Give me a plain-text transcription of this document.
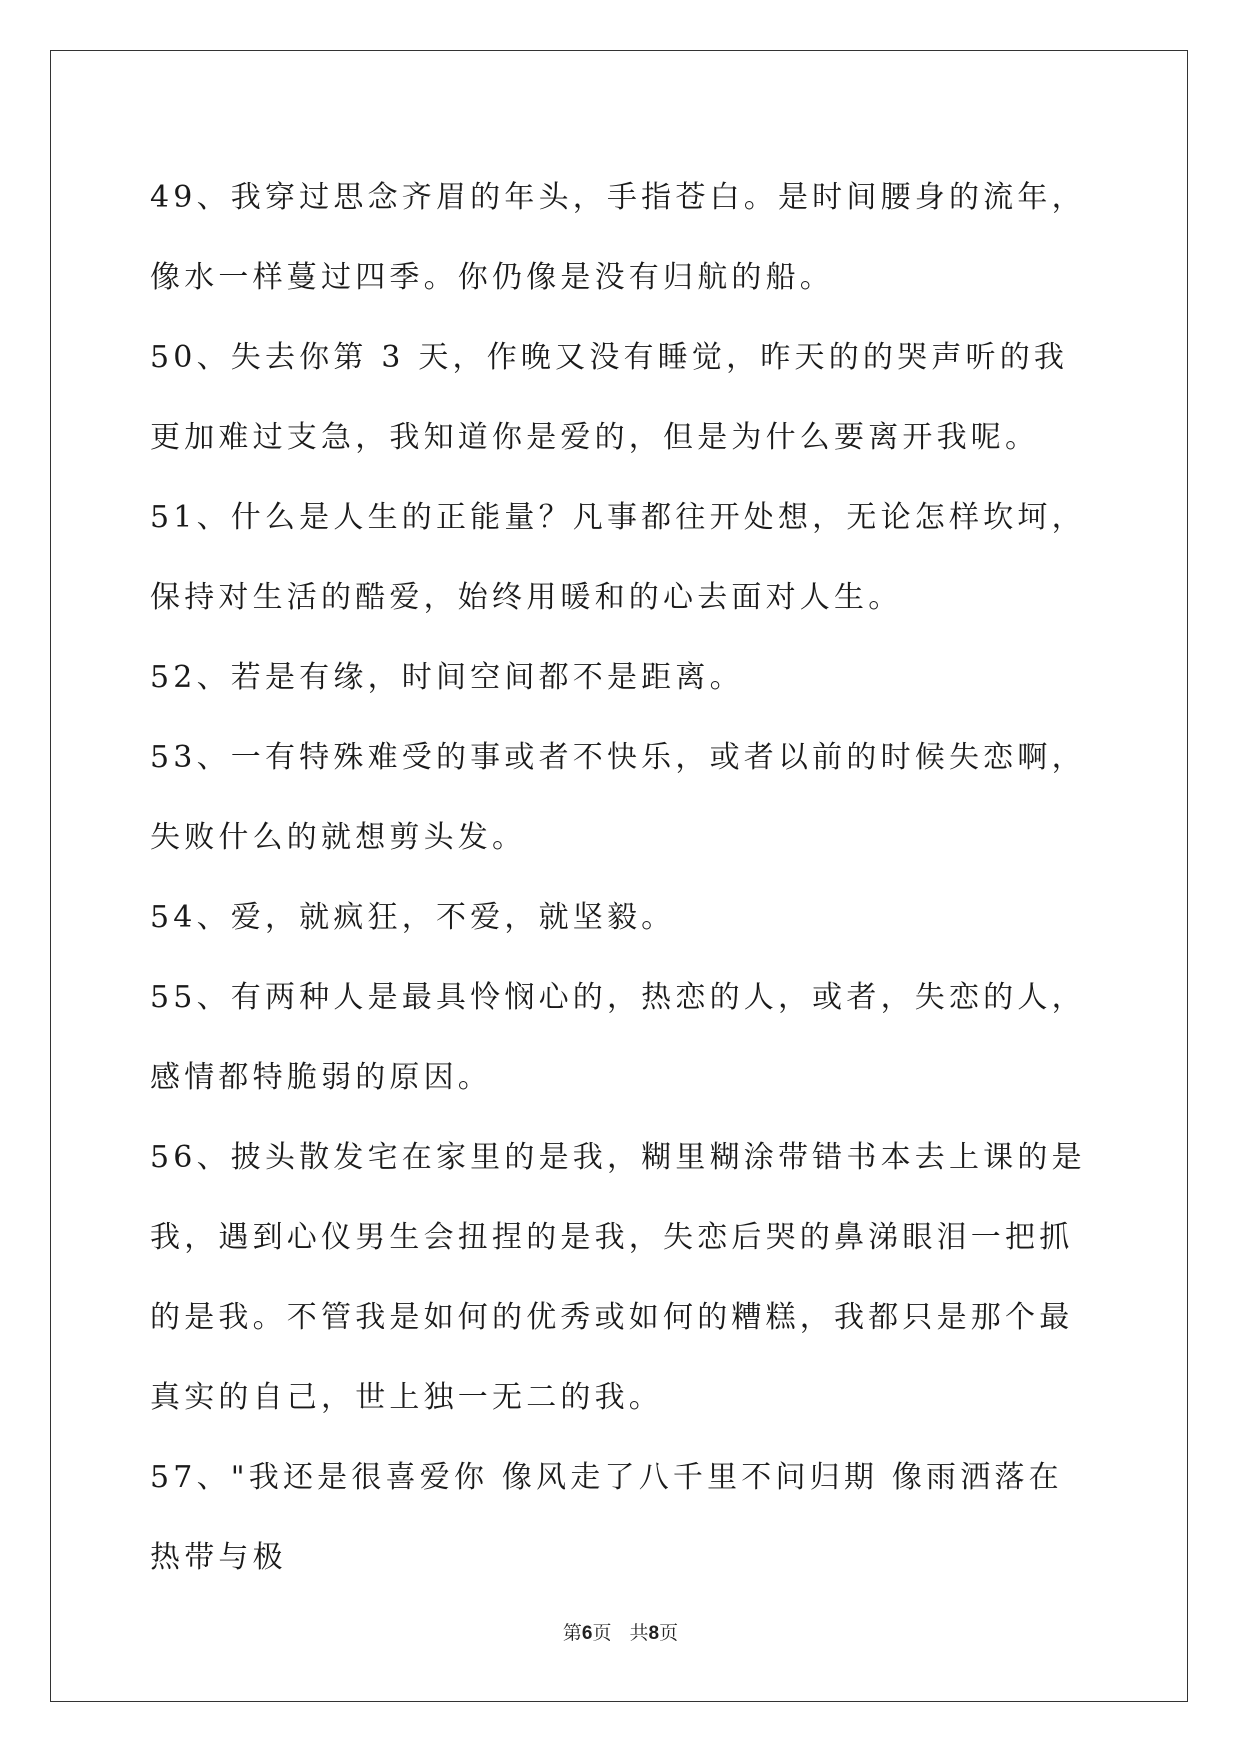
49、我穿过思念齐眉的年头，手指苍白。是时间腰身的流年，像水一样蔓过四季。你仍像是没有归航的船。

50、失去你第 3 天，作晚又没有睡觉，昨天的的哭声听的我更加难过支急，我知道你是爱的，但是为什么要离开我呢。

51、什么是人生的正能量？凡事都往开处想，无论怎样坎坷，保持对生活的酷爱，始终用暖和的心去面对人生。

52、若是有缘，时间空间都不是距离。

53、一有特殊难受的事或者不快乐，或者以前的时候失恋啊，失败什么的就想剪头发。

54、爱，就疯狂，不爱，就坚毅。

55、有两种人是最具怜悯心的，热恋的人，或者，失恋的人，感情都特脆弱的原因。

56、披头散发宅在家里的是我，糊里糊涂带错书本去上课的是我，遇到心仪男生会扭捏的是我，失恋后哭的鼻涕眼泪一把抓的是我。不管我是如何的优秀或如何的糟糕，我都只是那个最真实的自己，世上独一无二的我。

57、"我还是很喜爱你 像风走了八千里不问归期 像雨洒落在热带与极

第6页 共8页
